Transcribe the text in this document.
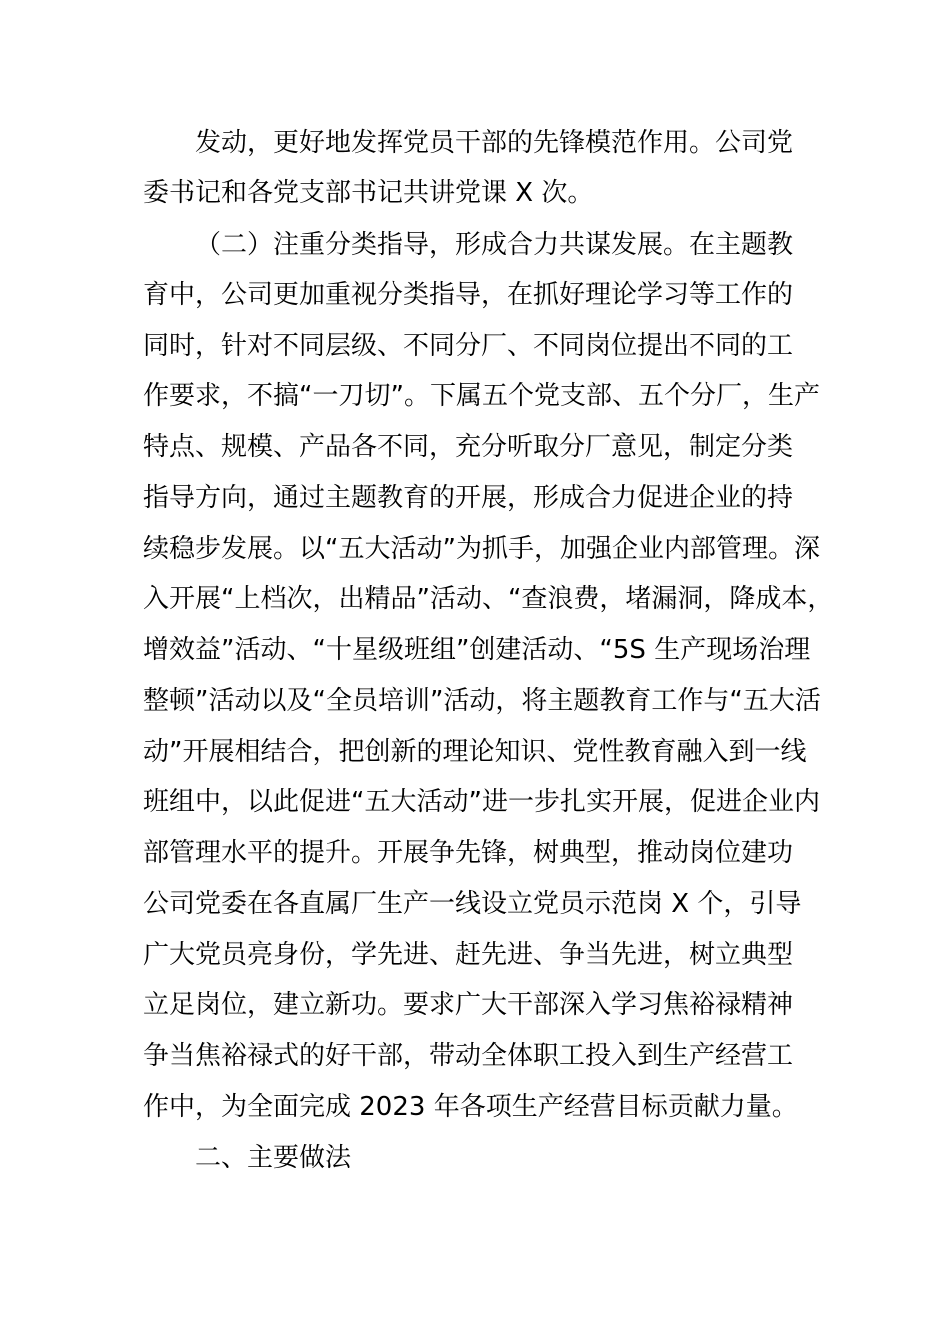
发动，更好地发挥党员干部的先锋模范作用。公司党
委书记和各党支部书记共讲党课 X 次。
（二）注重分类指导，形成合力共谋发展。在主题教
育中，公司更加重视分类指导，在抓好理论学习等工作的
同时，针对不同层级、不同分厂、不同岗位提出不同的工
作要求，不搞“一刀切”。下属五个党支部、五个分厂，生产
特点、规模、产品各不同，充分听取分厂意见，制定分类
指导方向，通过主题教育的开展，形成合力促进企业的持
续稳步发展。以“五大活动”为抓手，加强企业内部管理。深
入开展“上档次，出精品”活动、“查浪费，堵漏洞，降成本，
增效益”活动、“十星级班组”创建活动、“5S 生产现场治理
整顿”活动以及“全员培训”活动，将主题教育工作与“五大活
动”开展相结合，把创新的理论知识、党性教育融入到一线
班组中，以此促进“五大活动”进一步扎实开展，促进企业内
部管理水平的提升。开展争先锋，树典型，推动岗位建功
公司党委在各直属厂生产一线设立党员示范岗 X 个，引导
广大党员亮身份，学先进、赶先进、争当先进，树立典型
立足岗位，建立新功。要求广大干部深入学习焦裕禄精神
争当焦裕禄式的好干部，带动全体职工投入到生产经营工
作中，为全面完成 2023 年各项生产经营目标贡献力量。
二、主要做法
